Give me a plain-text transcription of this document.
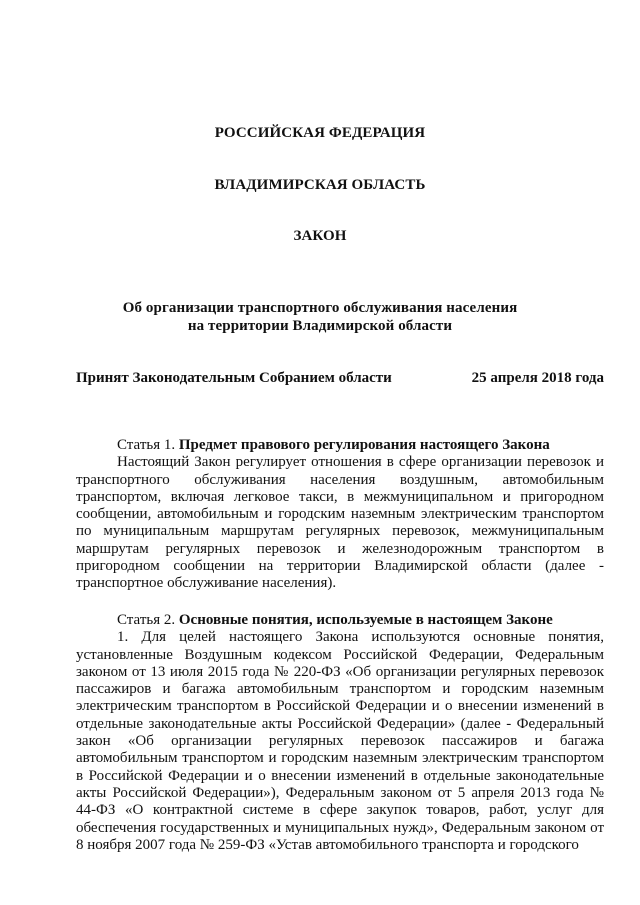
РОССИЙСКАЯ ФЕДЕРАЦИЯ
ВЛАДИМИРСКАЯ ОБЛАСТЬ
ЗАКОН
Об организации транспортного обслуживания населения
на территории Владимирской области
Принят Законодательным Собранием области	25 апреля 2018 года

Статья 1. Предмет правового регулирования настоящего Закона

Настоящий Закон регулирует отношения в сфере организации перевозок и транспортного обслуживания населения воздушным, автомобильным транспортом, включая легковое такси, в межмуниципальном и пригородном сообщении, автомобильным и городским наземным электрическим транспортом по муниципальным маршрутам регулярных перевозок, межмуниципальным маршрутам регулярных перевозок и железнодорожным транспортом в пригородном сообщении на территории Владимирской области (далее - транспортное обслуживание населения).

Статья 2. Основные понятия, используемые в настоящем Законе

1. Для целей настоящего Закона используются основные понятия, установленные Воздушным кодексом Российской Федерации, Федеральным законом от 13 июля 2015 года № 220-ФЗ «Об организации регулярных перевозок пассажиров и багажа автомобильным транспортом и городским наземным электрическим транспортом в Российской Федерации и о внесении изменений в отдельные законодательные акты Российской Федерации» (далее - Федеральный закон «Об организации регулярных перевозок пассажиров и багажа автомобильным транспортом и городским наземным электрическим транспортом в Российской Федерации и о внесении изменений в отдельные законодательные акты Российской Федерации»), Федеральным законом от 5 апреля 2013 года № 44-ФЗ «О контрактной системе в сфере закупок товаров, работ, услуг для обеспечения государственных и муниципальных нужд», Федеральным законом от 8 ноября 2007 года № 259-ФЗ «Устав автомобильного транспорта и городского
